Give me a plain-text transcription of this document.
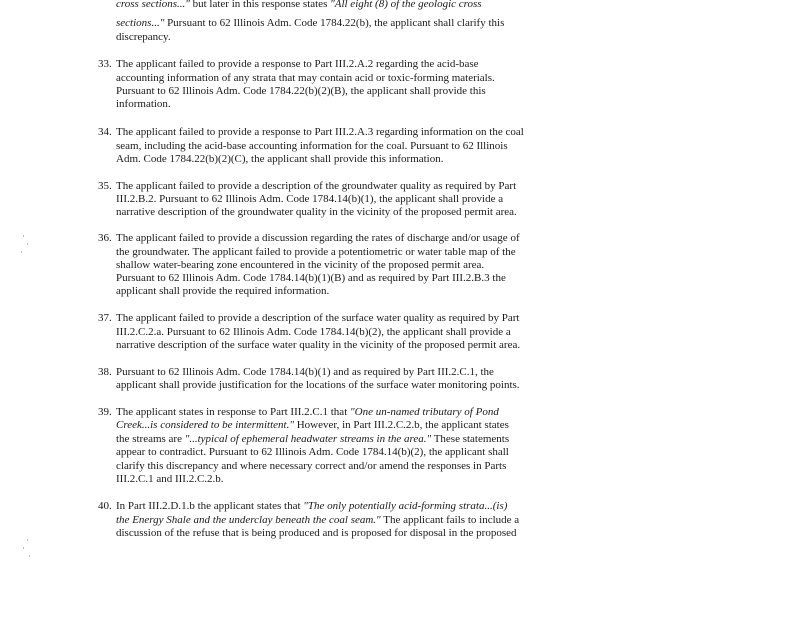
cross sections..." but later in this response states "All eight (8) of the geologic cross
sections..." Pursuant to 62 Illinois Adm. Code 1784.22(b), the applicant shall clarify this
discrepancy.
33. The applicant failed to provide a response to Part III.2.A.2 regarding the acid-base
accounting information of any strata that may contain acid or toxic-forming materials.
Pursuant to 62 Illinois Adm. Code 1784.22(b)(2)(B), the applicant shall provide this
information.
34. The applicant failed to provide a response to Part III.2.A.3 regarding information on the coal
seam, including the acid-base accounting information for the coal. Pursuant to 62 Illinois
Adm. Code 1784.22(b)(2)(C), the applicant shall provide this information.
35. The applicant failed to provide a description of the groundwater quality as required by Part
III.2.B.2. Pursuant to 62 Illinois Adm. Code 1784.14(b)(1), the applicant shall provide a
narrative description of the groundwater quality in the vicinity of the proposed permit area.
36. The applicant failed to provide a discussion regarding the rates of discharge and/or usage of
the groundwater. The applicant failed to provide a potentiometric or water table map of the
shallow water-bearing zone encountered in the vicinity of the proposed permit area.
Pursuant to 62 Illinois Adm. Code 1784.14(b)(1)(B) and as required by Part III.2.B.3 the
applicant shall provide the required information.
37. The applicant failed to provide a description of the surface water quality as required by Part
III.2.C.2.a. Pursuant to 62 Illinois Adm. Code 1784.14(b)(2), the applicant shall provide a
narrative description of the surface water quality in the vicinity of the proposed permit area.
38. Pursuant to 62 Illinois Adm. Code 1784.14(b)(1) and as required by Part III.2.C.1, the
applicant shall provide justification for the locations of the surface water monitoring points.
39. The applicant states in response to Part III.2.C.1 that "One un-named tributary of Pond
Creek...is considered to be intermittent." However, in Part III.2.C.2.b, the applicant states
the streams are "...typical of ephemeral headwater streams in the area." These statements
appear to contradict. Pursuant to 62 Illinois Adm. Code 1784.14(b)(2), the applicant shall
clarify this discrepancy and where necessary correct and/or amend the responses in Parts
III.2.C.1 and III.2.C.2.b.
40. In Part III.2.D.1.b the applicant states that "The only potentially acid-forming strata...(is)
the Energy Shale and the underclay beneath the coal seam." The applicant fails to include a
discussion of the refuse that is being produced and is proposed for disposal in the proposed
·
·
·
·
·
·
